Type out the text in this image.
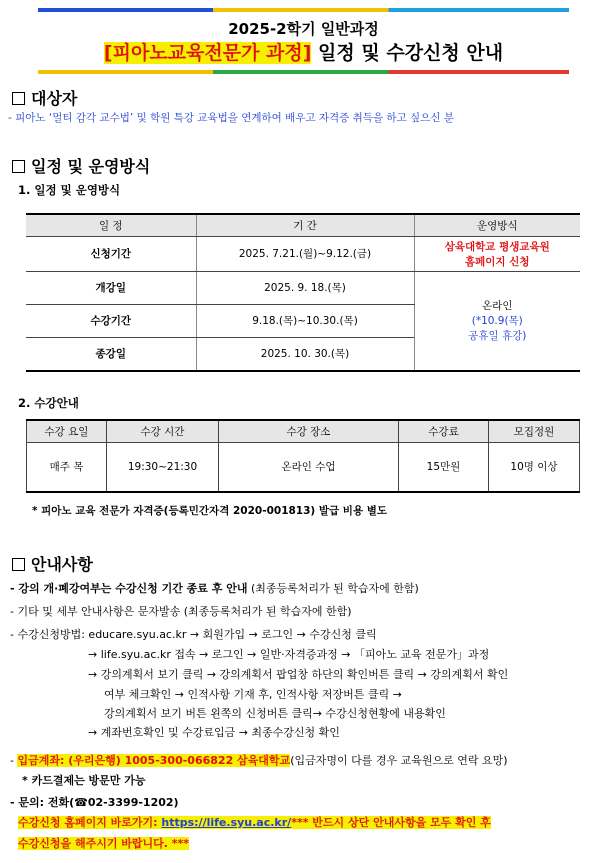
2025-2학기 일반과정
[피아노교육전문가 과정] 일정 및 수강신청 안내
대상자
- 피아노 ‘멀티 감각 교수법’ 및 학원 특강 교육법을 연계하여 배우고 자격증 취득을 하고 싶으신 분
일정 및 운영방식
1. 일정 및 운영방식
일 정	기 간	운영방식
신청기간	2025. 7.21.(월)~9.12.(금)	삼육대학교 평생교육원
홈페이지 신청

개강일	2025. 9. 18.(목)	온라인
(*10.9(목)
공휴일 휴강)

수강기간	9.18.(목)~10.30.(목)	
종강일	2025. 10. 30.(목)	
2. 수강안내
수강 요일	수강 시간	수강 장소	수강료	모집정원
매주 목	19:30~21:30	온라인 수업	15만원	10명 이상
* 피아노 교육 전문가 자격증(등록민간자격 2020-001813) 발급 비용 별도
안내사항
- 강의 개·폐강여부는 수강신청 기간 종료 후 안내 (최종등록처리가 된 학습자에 한함)
- 기타 및 세부 안내사항은 문자발송 (최종등록처리가 된 학습자에 한함)
- 수강신청방법: educare.syu.ac.kr → 회원가입 → 로그인 → 수강신청 클릭
→ life.syu.ac.kr 접속 → 로그인 → 일반·자격증과정 → 「피아노 교육 전문가」과정
→ 강의계획서 보기 클릭 → 강의계획서 팝업창 하단의 확인버튼 클릭 → 강의계획서 확인
여부 체크확인 → 인적사항 기재 후, 인적사항 저장버튼 클릭 →
강의계획서 보기 버튼 왼쪽의 신청버튼 클릭→ 수강신청현황에 내용확인
→ 계좌번호확인 및 수강료입금 → 최종수강신청 확인
- 입금계좌: (우리은행) 1005-300-066822 삼육대학교(입금자명이 다를 경우 교육원으로 연락 요망)
* 카드결제는 방문만 가능
- 문의: 전화(☎02-3399-1202)
수강신청 홈페이지 바로가기: https://life.syu.ac.kr/*** 반드시 상단 안내사항을 모두 확인 후
수강신청을 해주시기 바랍니다. ***
